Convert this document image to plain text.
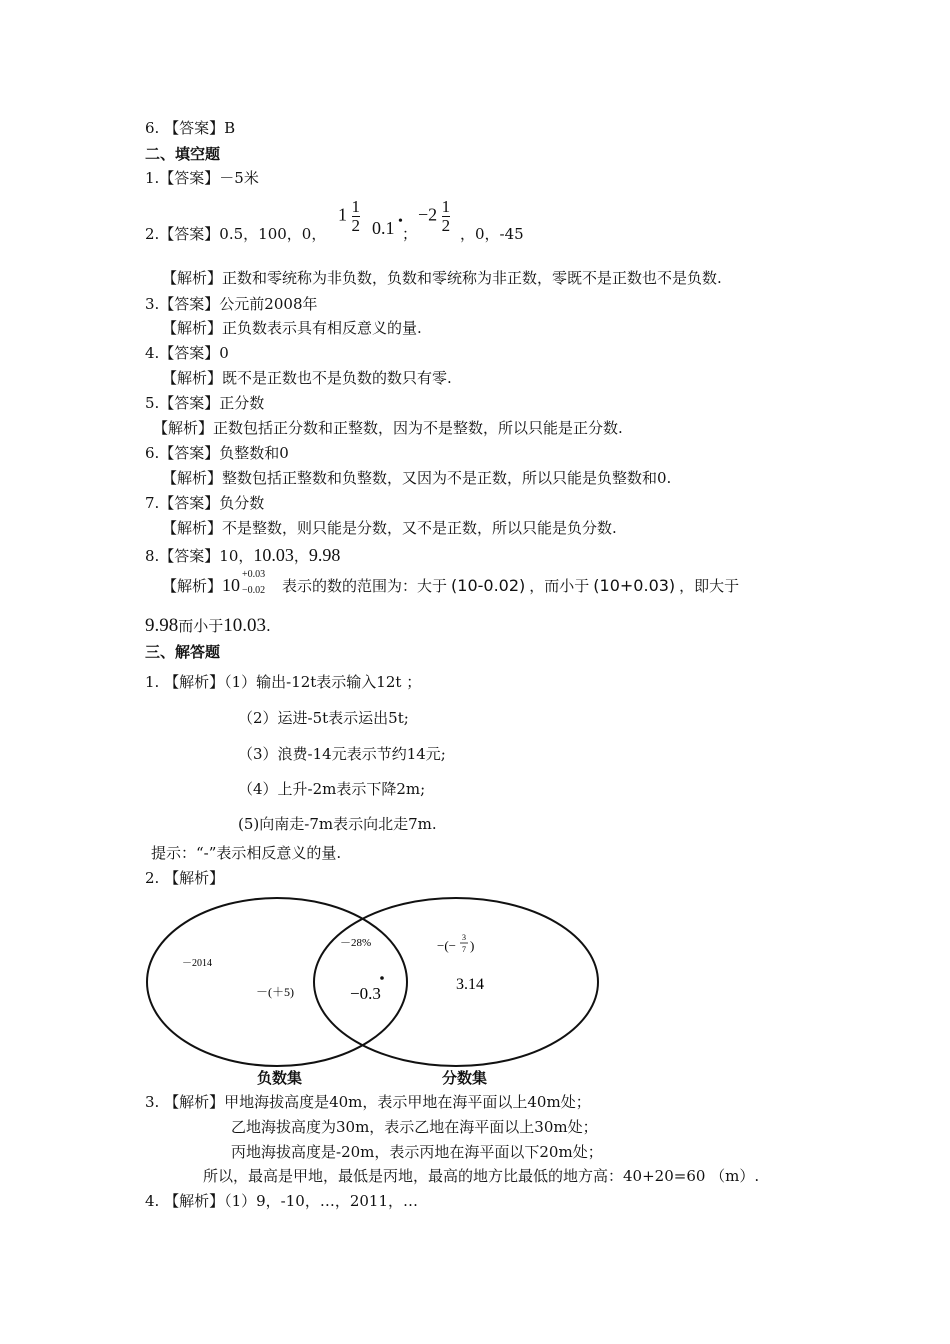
6. 【答案】B
二、填空题
1.【答案】－5米
2.【答案】0.5，100，0，
$1 \frac{1}{2} 0.1$ •
；
$-2 \frac{1}{2}$ ，0，-45
【解析】正数和零统称为非负数，负数和零统称为非正数，零既不是正数也不是负数.
3.【答案】公元前2008年
【解析】正负数表示具有相反意义的量.
4.【答案】0
【解析】既不是正数也不是负数的数只有零.
5.【答案】正分数
【解析】正数包括正分数和正整数，因为不是整数，所以只能是正分数.
6.【答案】负整数和0
【解析】整数包括正整数和负整数，又因为不是正数，所以只能是负整数和0.
7.【答案】负分数
【解析】不是整数，则只能是分数，又不是正数，所以只能是负分数.
8.【答案】10，10.03，9.98
【解析】10
+0.03
−0.02 表示的数的范围为：大于 (10-0.02) ，而小于 (10+0.03) ，即大于
9.98而小于10.03.
三、解答题
1. 【解析】（1）输出-12t表示输入12t ；
（2）运进-5t表示运出5t;
（3）浪费-14元表示节约14元;
（4）上升-2m表示下降2m;
(5)向南走-7m表示向北走7m.
提示：“-”表示相反意义的量.
2. 【解析】
－2014
－(＋5)
－28%
−0.3
−(−
3
7 )
3.14
负数集	分数集
3. 【解析】甲地海拔高度是40m，表示甲地在海平面以上40m处；
乙地海拔高度为30m，表示乙地在海平面以上30m处；
丙地海拔高度是-20m，表示丙地在海平面以下20m处；
所以，最高是甲地，最低是丙地，最高的地方比最低的地方高：40+20=60 （m）.
4. 【解析】（1）9，-10，…，2011，…
